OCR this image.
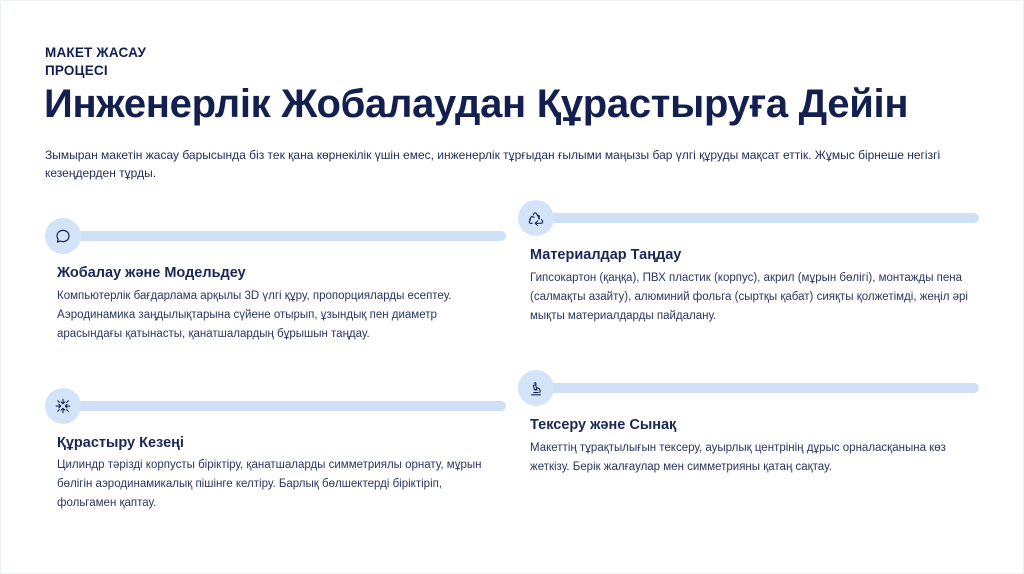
МАКЕТ ЖАСАУ
ПРОЦЕСІ
Инженерлік Жобалаудан Құрастыруға Дейін
Зымыран макетін жасау барысында біз тек қана көрнекілік үшін емес, инженерлік тұрғыдан ғылыми маңызы бар үлгі құруды мақсат еттік. Жұмыс бірнеше негізгі кезеңдерден тұрды.
Жобалау және Модельдеу
Компьютерлік бағдарлама арқылы 3D үлгі құру, пропорцияларды есептеу. Аэродинамика заңдылықтарына сүйене отырып, ұзындық пен диаметр арасындағы қатынасты, қанатшалардың бұрышын таңдау.
Материалдар Таңдау
Гипсокартон (қаңқа), ПВХ пластик (корпус), акрил (мұрын бөлігі), монтажды пена (салмақты азайту), алюминий фольга (сыртқы қабат) сияқты қолжетімді, жеңіл әрі мықты материалдарды пайдалану.
Құрастыру Кезеңі
Цилиндр тәрізді корпусты біріктіру, қанатшаларды симметриялы орнату, мұрын бөлігін аэродинамикалық пішінге келтіру. Барлық бөлшектерді біріктіріп, фольгамен қаптау.
Тексеру және Сынақ
Макеттің тұрақтылығын тексеру, ауырлық центрінің дұрыс орналасқанына көз жеткізу. Берік жалғаулар мен симметрияны қатаң сақтау.
